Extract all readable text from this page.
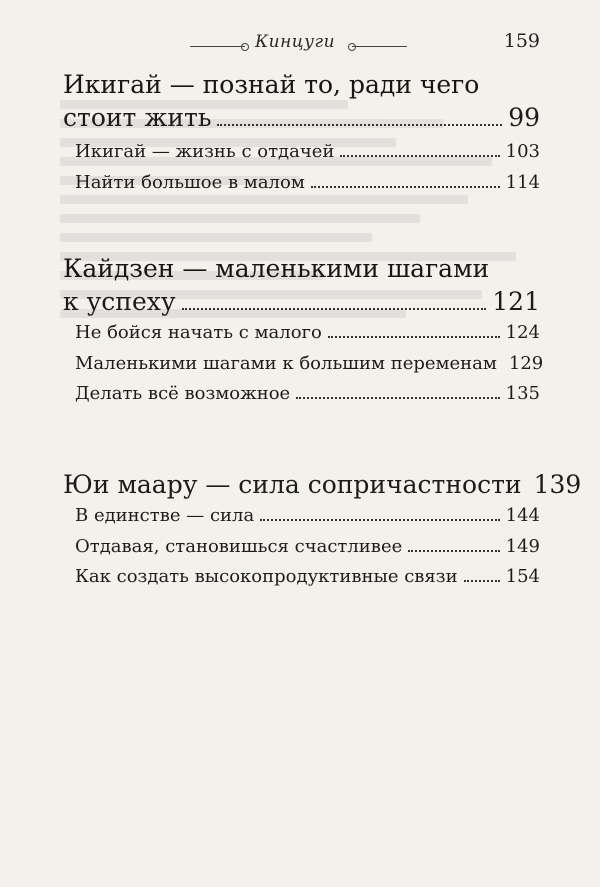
Кинцуги	159
Икигай — познай то, ради чего
стоит жить	99
Икигай — жизнь с отдачей	103
Найти большое в малом	114
Кайдзен — маленькими шагами
к успеху	121
Не бойся начать с малого	124
Маленькими шагами к большим переменам 129
Делать всё возможное	135
Юи маару — сила сопричастности 139
В единстве — сила	144
Отдавая, становишься счастливее	149
Как создать высокопродуктивные связи	154
